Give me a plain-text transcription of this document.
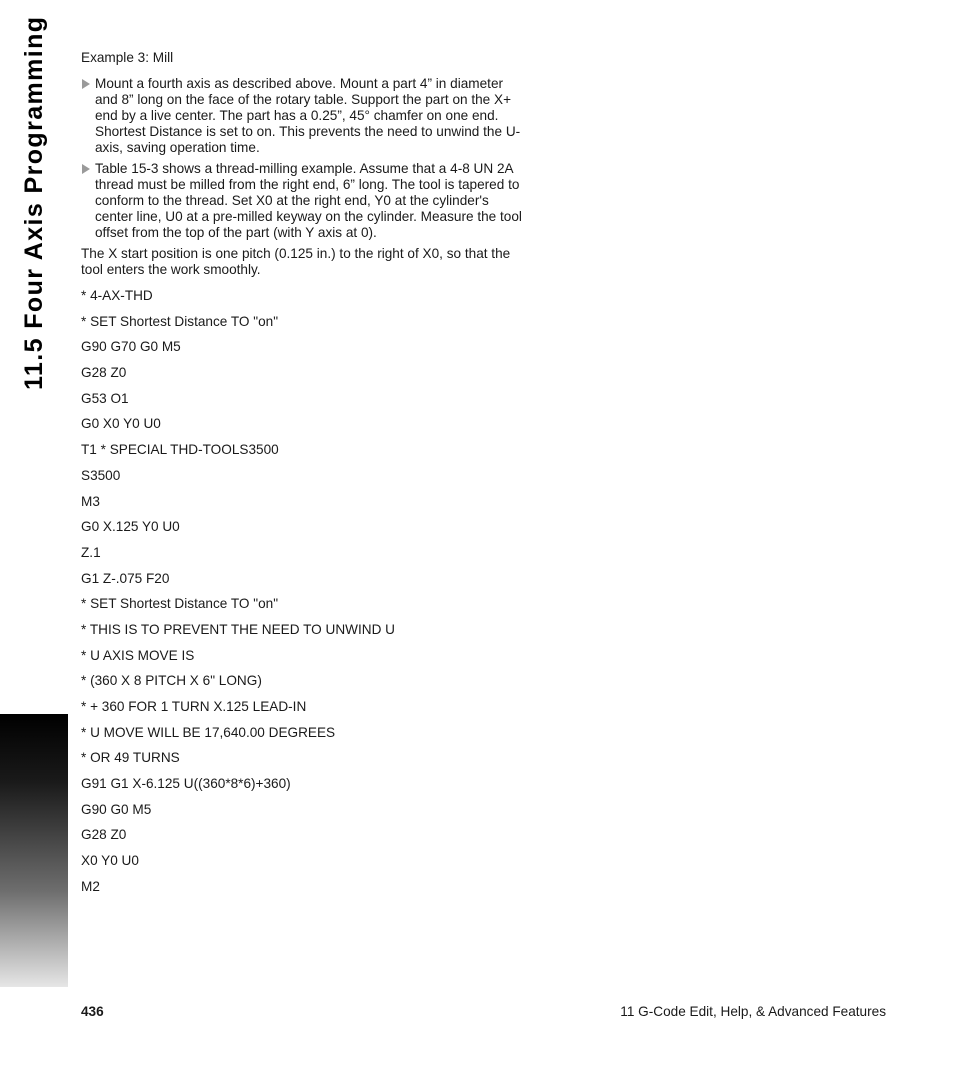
11.5 Four Axis Programming	Example 3: Mill
Mount a fourth axis as described above. Mount a part 4” in diameter and 8” long on the face of the rotary table. Support the part on the X+ end by a live center. The part has a 0.25”, 45° chamfer on one end. Shortest Distance is set to on. This prevents the need to unwind the U-axis, saving operation time.
Table 15-3 shows a thread-milling example. Assume that a 4-8 UN 2A thread must be milled from the right end, 6” long. The tool is tapered to conform to the thread. Set X0 at the right end, Y0 at the cylinder's center line, U0 at a pre-milled keyway on the cylinder. Measure the tool offset from the top of the part (with Y axis at 0).
The X start position is one pitch (0.125 in.) to the right of X0, so that the tool enters the work smoothly.
* 4-AX-THD
* SET Shortest Distance TO "on"
G90 G70 G0 M5
G28 Z0
G53 O1
G0 X0 Y0 U0
T1 * SPECIAL THD-TOOLS3500
S3500
M3
G0 X.125 Y0 U0
Z.1
G1 Z-.075 F20
* SET Shortest Distance TO "on"
* THIS IS TO PREVENT THE NEED TO UNWIND U
* U AXIS MOVE IS
* (360 X 8 PITCH X 6" LONG)
* + 360 FOR 1 TURN X.125 LEAD-IN
* U MOVE WILL BE 17,640.00 DEGREES
* OR 49 TURNS
G91 G1 X-6.125 U((360*8*6)+360)
G90 G0 M5
G28 Z0
X0 Y0 U0
M2
436	11 G-Code Edit, Help, & Advanced Features
